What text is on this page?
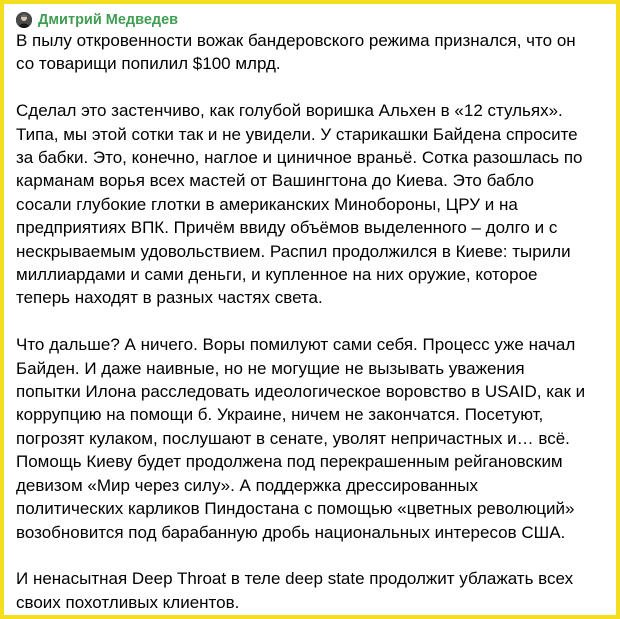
Дмитрий Медведев
В пылу откровенности вожак бандеровского режима признался, что он
со товарищи попилил $100 млрд.
Сделал это застенчиво, как голубой воришка Альхен в «12 стульях».
Типа, мы этой сотки так и не увидели. У старикашки Байдена спросите
за бабки. Это, конечно, наглое и циничное враньё. Сотка разошлась по
карманам ворья всех мастей от Вашингтона до Киева. Это бабло
сосали глубокие глотки в американских Минобороны, ЦРУ и на
предприятиях ВПК. Причём ввиду объёмов выделенного – долго и с
нескрываемым удовольствием. Распил продолжился в Киеве: тырили
миллиардами и сами деньги, и купленное на них оружие, которое
теперь находят в разных частях света.
Что дальше? А ничего. Воры помилуют сами себя. Процесс уже начал
Байден. И даже наивные, но не могущие не вызывать уважения
попытки Илона расследовать идеологическое воровство в USAID, как и
коррупцию на помощи б. Украине, ничем не закончатся. Посетуют,
погрозят кулаком, послушают в сенате, уволят непричастных и… всё.
Помощь Киеву будет продолжена под перекрашенным рейгановским
девизом «Мир через силу». А поддержка дрессированных
политических карликов Пиндостана с помощью «цветных революций»
возобновится под барабанную дробь национальных интересов США.
И ненасытная Deep Throat в теле deep state продолжит ублажать всех
своих похотливых клиентов.
